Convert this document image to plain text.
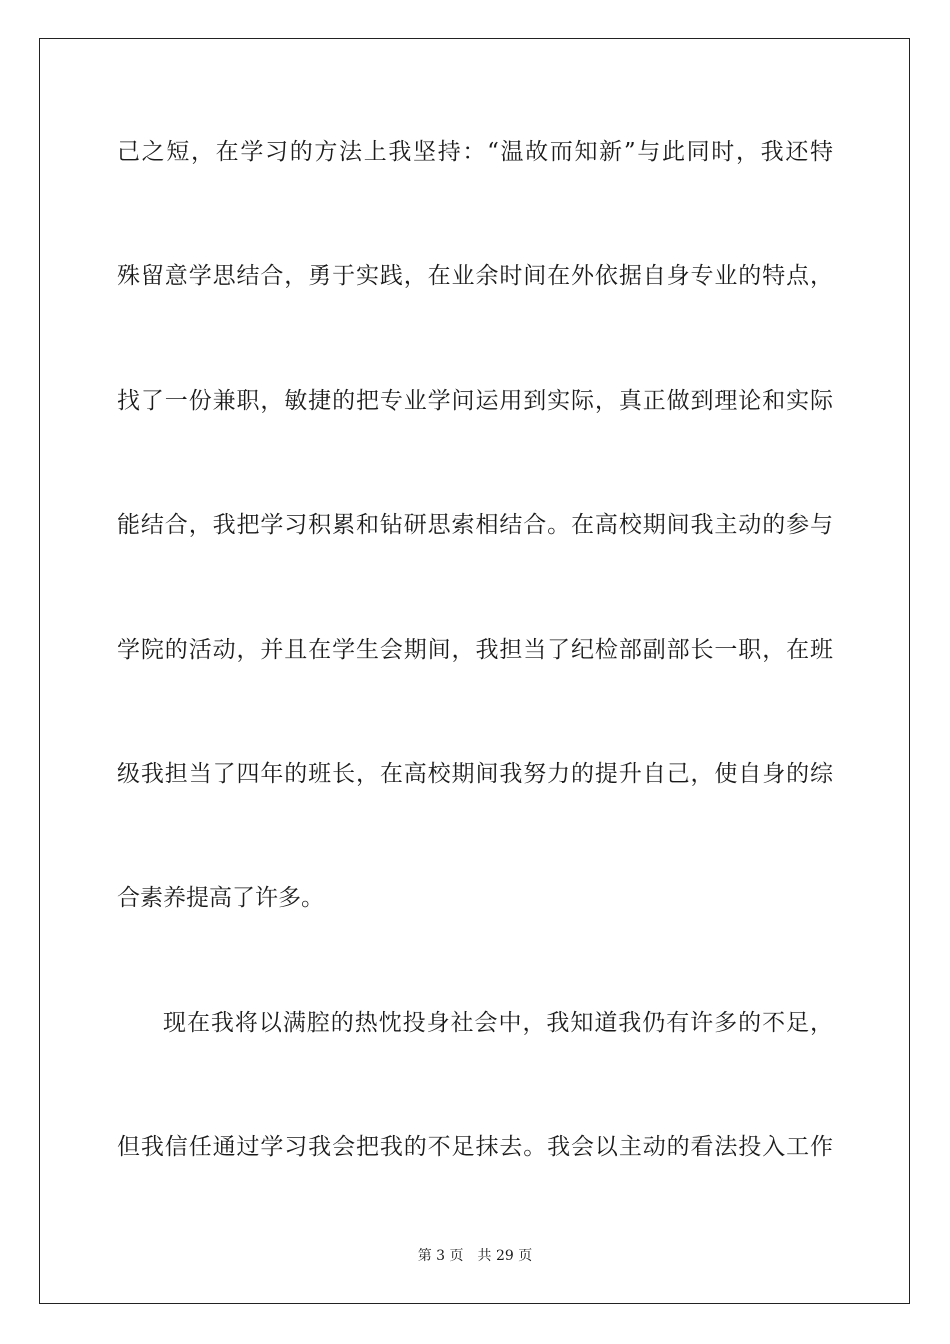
己之短，在学习的方法上我坚持：“温故而知新”与此同时，我还特
殊留意学思结合，勇于实践，在业余时间在外依据自身专业的特点，
找了一份兼职，敏捷的把专业学问运用到实际，真正做到理论和实际
能结合，我把学习积累和钻研思索相结合。在高校期间我主动的参与
学院的活动，并且在学生会期间，我担当了纪检部副部长一职，在班
级我担当了四年的班长，在高校期间我努力的提升自己，使自身的综
合素养提高了许多。
现在我将以满腔的热忱投身社会中，我知道我仍有许多的不足，
但我信任通过学习我会把我的不足抹去。我会以主动的看法投入工作
第 3 页 共 29 页
